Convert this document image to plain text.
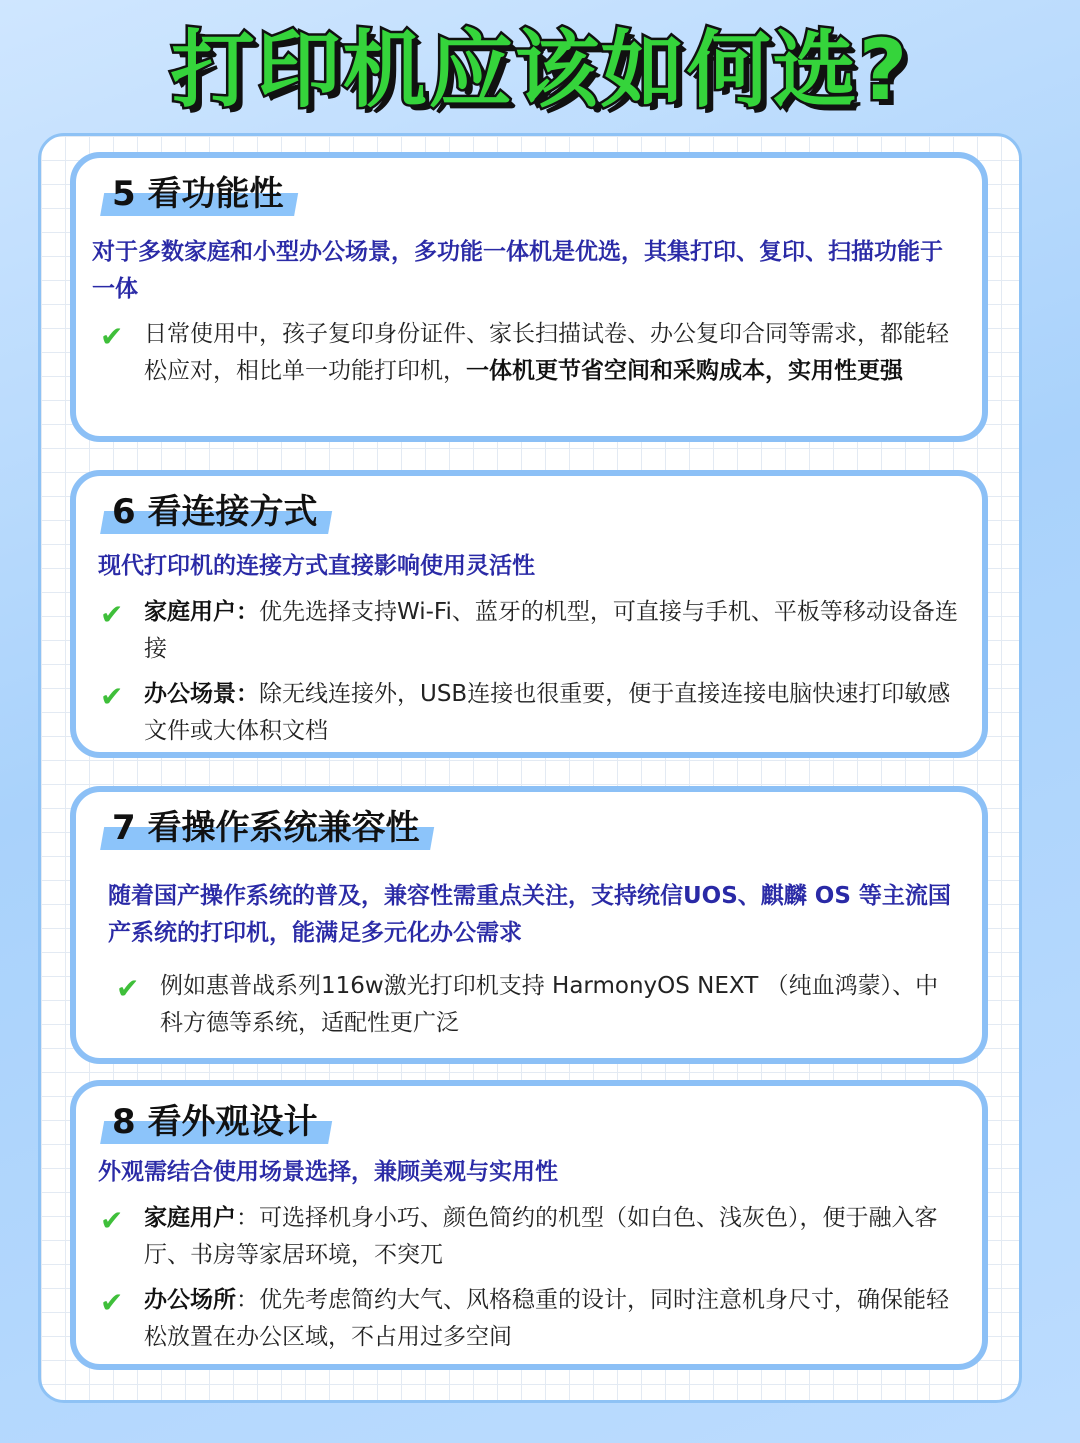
打印机应该如何选?
5 看功能性

对于多数家庭和小型办公场景，多功能一体机是优选，其集打印、复印、扫描功能于一体

✔ 日常使用中，孩子复印身份证件、家长扫描试卷、办公复印合同等需求，都能轻松应对，相比单一功能打印机，一体机更节省空间和采购成本，实用性更强
6 看连接方式

现代打印机的连接方式直接影响使用灵活性

✔ 家庭用户：优先选择支持Wi-Fi、蓝牙的机型，可直接与手机、平板等移动设备连接
✔ 办公场景：除无线连接外，USB连接也很重要，便于直接连接电脑快速打印敏感文件或大体积文档
7 看操作系统兼容性

随着国产操作系统的普及，兼容性需重点关注，支持统信UOS、麒麟 OS 等主流国产系统的打印机，能满足多元化办公需求

✔ 例如惠普战系列116w激光打印机支持 HarmonyOS NEXT （纯血鸿蒙）、中科方德等系统，适配性更广泛
8 看外观设计

外观需结合使用场景选择，兼顾美观与实用性

✔ 家庭用户：可选择机身小巧、颜色简约的机型（如白色、浅灰色），便于融入客厅、书房等家居环境，不突兀
✔ 办公场所：优先考虑简约大气、风格稳重的设计，同时注意机身尺寸，确保能轻松放置在办公区域，不占用过多空间
